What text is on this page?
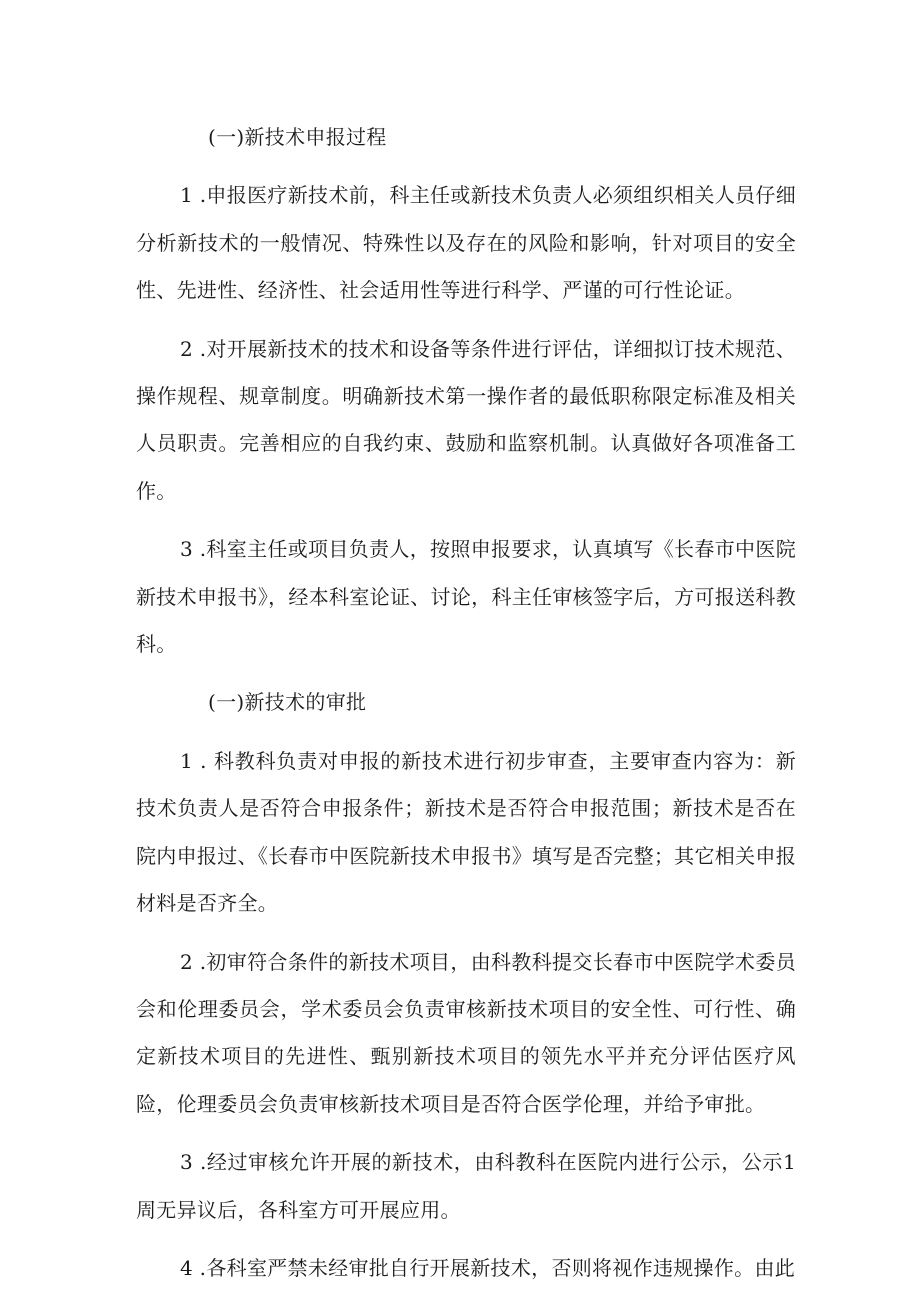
(一)新技术申报过程

1 .申报医疗新技术前，科主任或新技术负责人必须组织相关人员仔细分析新技术的一般情况、特殊性以及存在的风险和影响，针对项目的安全性、先进性、经济性、社会适用性等进行科学、严谨的可行性论证。

2 .对开展新技术的技术和设备等条件进行评估，详细拟订技术规范、操作规程、规章制度。明确新技术第一操作者的最低职称限定标准及相关人员职责。完善相应的自我约束、鼓励和监察机制。认真做好各项准备工作。

3 .科室主任或项目负责人，按照申报要求，认真填写《长春市中医院新技术申报书》，经本科室论证、讨论，科主任审核签字后，方可报送科教科。

(一)新技术的审批

1 . 科教科负责对申报的新技术进行初步审查，主要审查内容为：新技术负责人是否符合申报条件；新技术是否符合申报范围；新技术是否在院内申报过、《长春市中医院新技术申报书》填写是否完整；其它相关申报材料是否齐全。

2 .初审符合条件的新技术项目，由科教科提交长春市中医院学术委员会和伦理委员会，学术委员会负责审核新技术项目的安全性、可行性、确定新技术项目的先进性、甄别新技术项目的领先水平并充分评估医疗风险，伦理委员会负责审核新技术项目是否符合医学伦理，并给予审批。

3 .经过审核允许开展的新技术，由科教科在医院内进行公示，公示1周无异议后，各科室方可开展应用。

4 .各科室严禁未经审批自行开展新技术，否则将视作违规操作。由此
